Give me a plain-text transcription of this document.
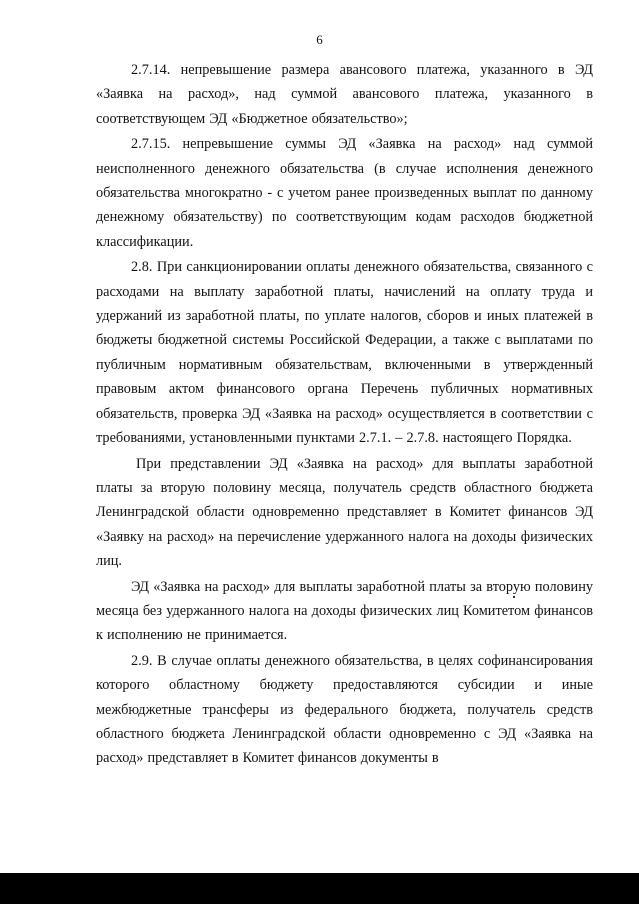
6

2.7.14. непревышение размера авансового платежа, указанного в ЭД «Заявка на расход», над суммой авансового платежа, указанного в соответствующем ЭД «Бюджетное обязательство»;

2.7.15. непревышение суммы ЭД «Заявка на расход» над суммой неисполненного денежного обязательства (в случае исполнения денежного обязательства многократно - с учетом ранее произведенных выплат по данному денежному обязательству) по соответствующим кодам расходов бюджетной классификации.

2.8. При санкционировании оплаты денежного обязательства, связанного с расходами на выплату заработной платы, начислений на оплату труда и удержаний из заработной платы, по уплате налогов, сборов и иных платежей в бюджеты бюджетной системы Российской Федерации, а также с выплатами по публичным нормативным обязательствам, включенными в утвержденный правовым актом финансового органа Перечень публичных нормативных обязательств, проверка ЭД «Заявка на расход» осуществляется в соответствии с требованиями, установленными пунктами 2.7.1. – 2.7.8. настоящего Порядка.

При представлении ЭД «Заявка на расход» для выплаты заработной платы за вторую половину месяца, получатель средств областного бюджета Ленинградской области одновременно представляет в Комитет финансов ЭД «Заявку на расход» на перечисление удержанного налога на доходы физических лиц.

ЭД «Заявка на расход» для выплаты заработной платы за вторую половину месяца без удержанного налога на доходы физических лиц Комитетом финансов к исполнению не принимается.

2.9. В случае оплаты денежного обязательства, в целях софинансирования которого областному бюджету предоставляются субсидии и иные межбюджетные трансферы из федерального бюджета, получатель средств областного бюджета Ленинградской области одновременно с ЭД «Заявка на расход» представляет в Комитет финансов документы в
